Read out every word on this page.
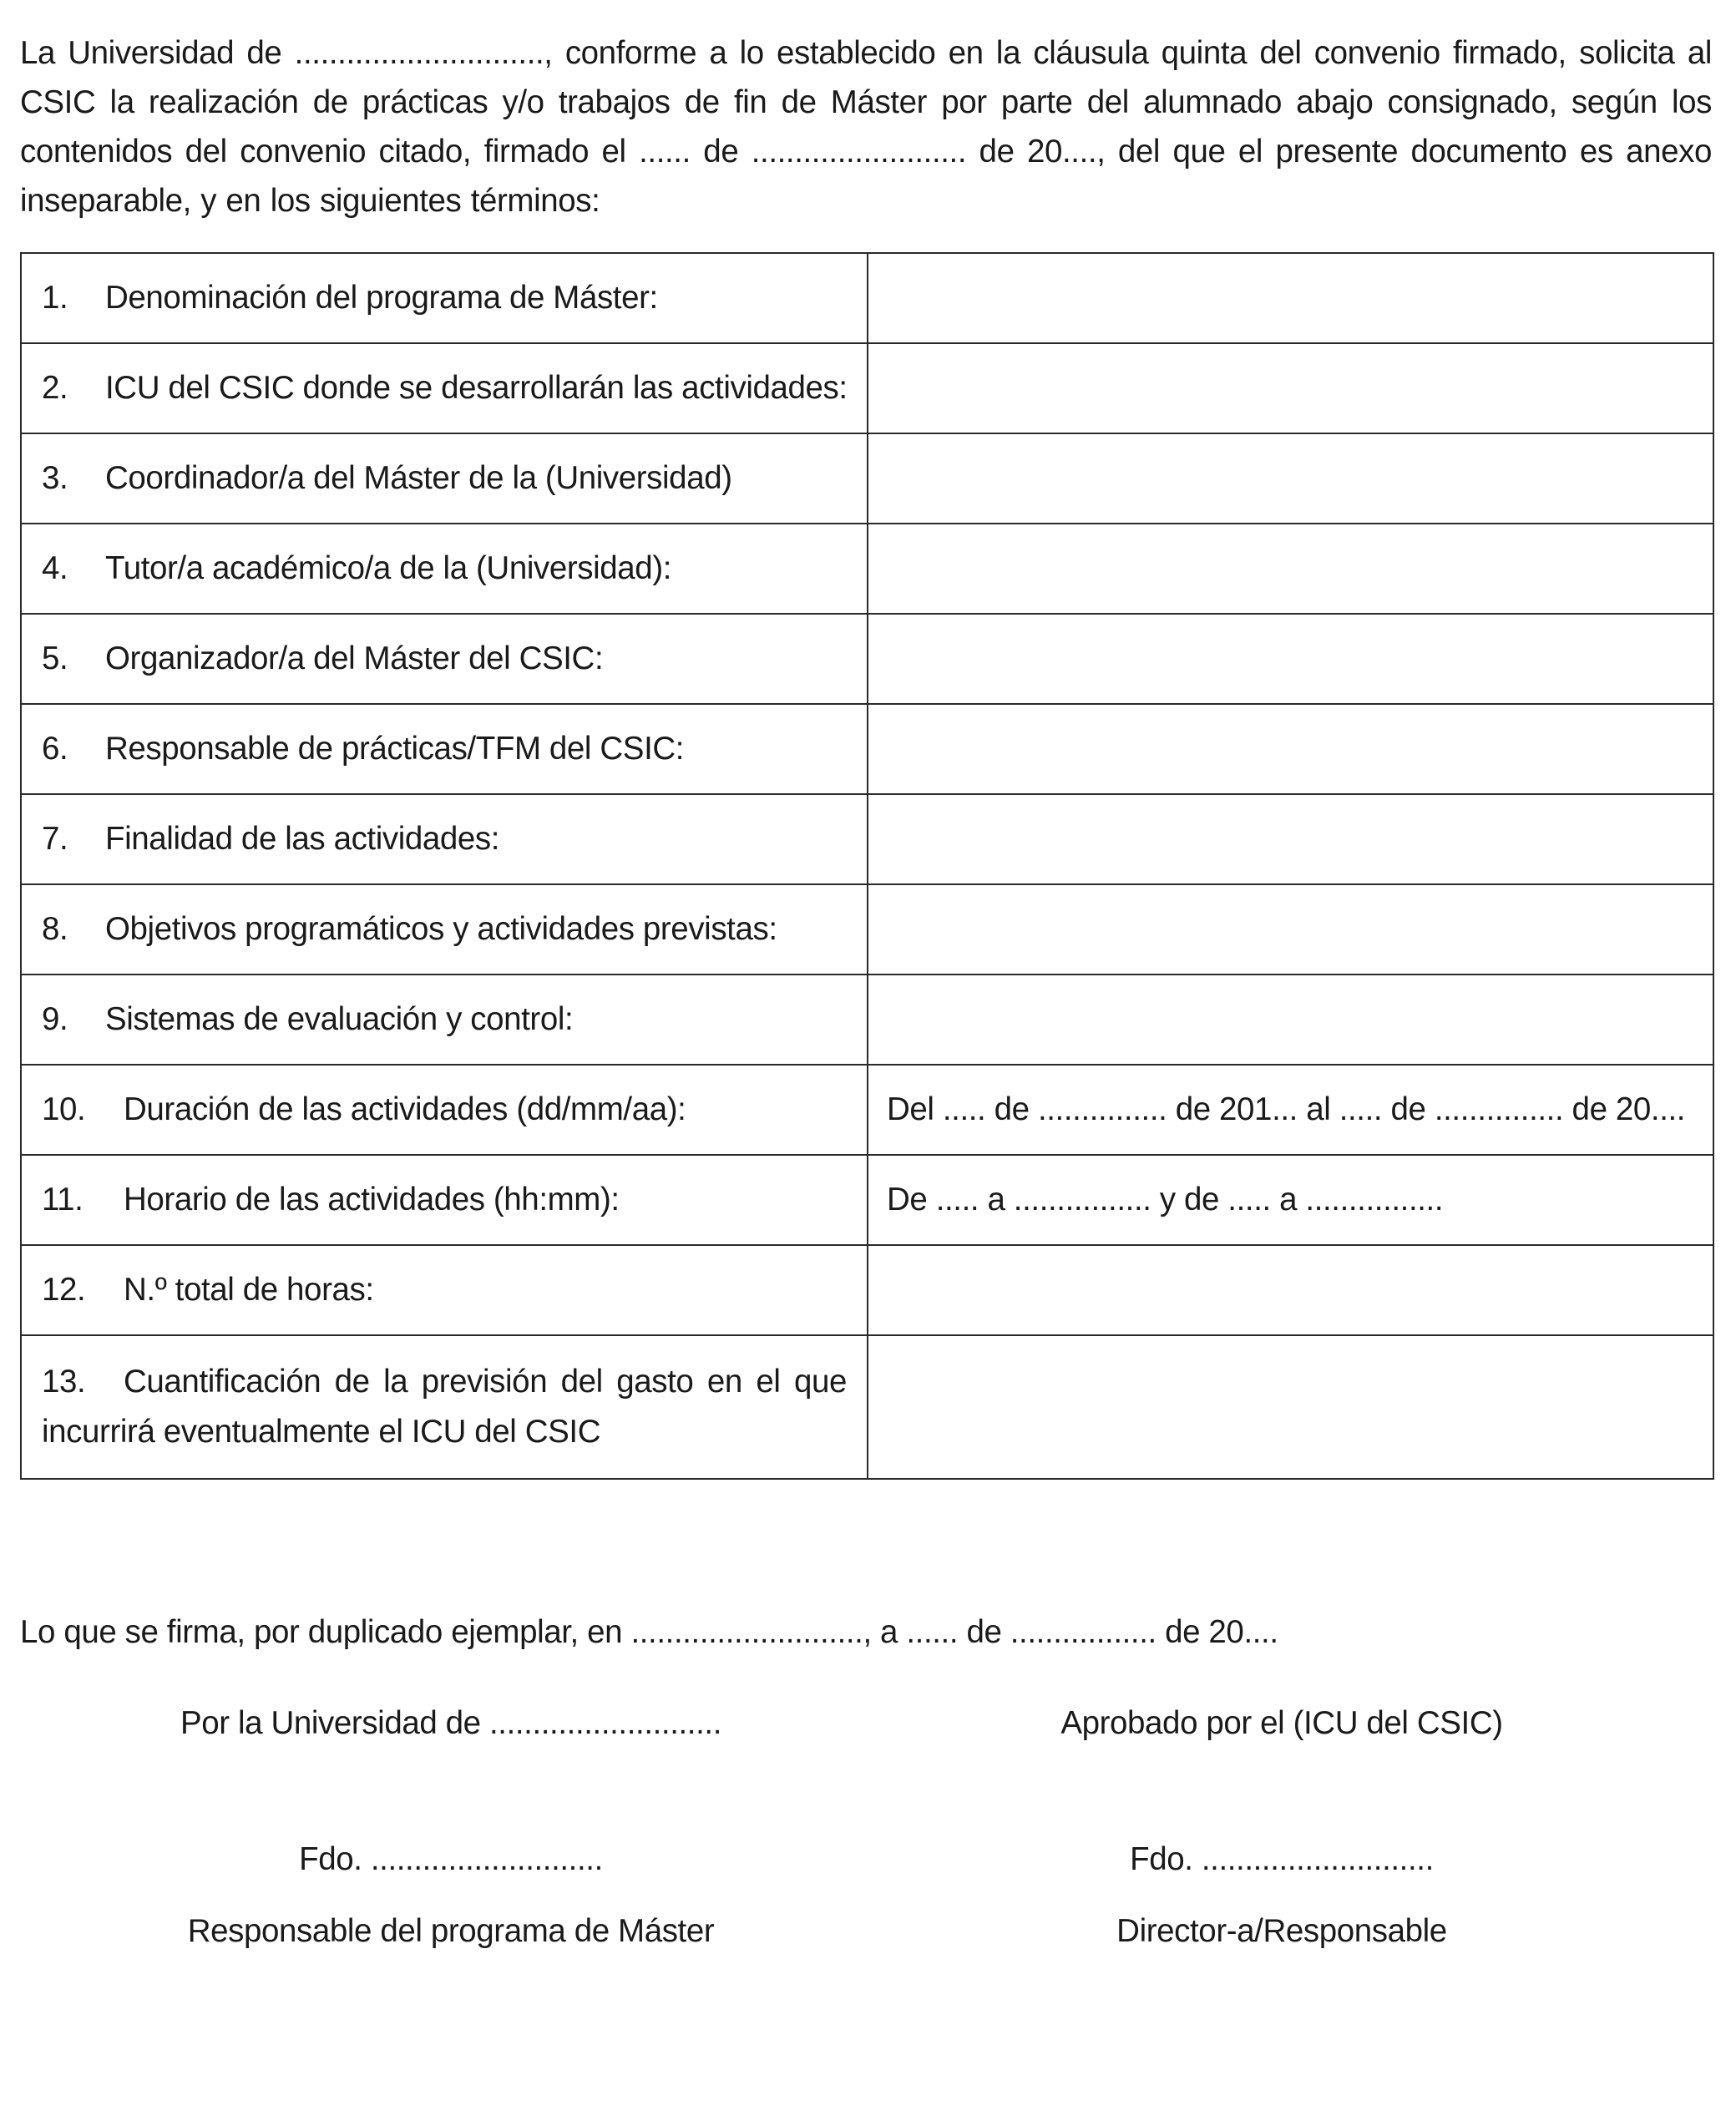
La Universidad de ............................., conforme a lo establecido en la cláusula quinta del convenio firmado, solicita al CSIC la realización de prácticas y/o trabajos de fin de Máster por parte del alumnado abajo consignado, según los contenidos del convenio citado, firmado el ...... de ......................... de 20...., del que el presente documento es anexo inseparable, y en los siguientes términos:

1. Denominación del programa de Máster:	
2. ICU del CSIC donde se desarrollarán las actividades:	
3. Coordinador/a del Máster de la (Universidad)	
4. Tutor/a académico/a de la (Universidad):	
5. Organizador/a del Máster del CSIC:	
6. Responsable de prácticas/TFM del CSIC:	
7. Finalidad de las actividades:	
8. Objetivos programáticos y actividades previstas:	
9. Sistemas de evaluación y control:	
10. Duración de las actividades (dd/mm/aa):	Del ..... de ............... de 201... al ..... de ............... de 20....
11. Horario de las actividades (hh:mm):	De ..... a ................ y de ..... a ................
12. N.º total de horas:	
13. Cuantificación de la previsión del gasto en el que incurrirá eventualmente el ICU del CSIC	
Lo que se firma, por duplicado ejemplar, en ..........................., a ...... de ................. de 20....
Por la Universidad de ...........................	Aprobado por el (ICU del CSIC)
Fdo. ...........................	Fdo. ...........................
Responsable del programa de Máster	Director-a/Responsable
